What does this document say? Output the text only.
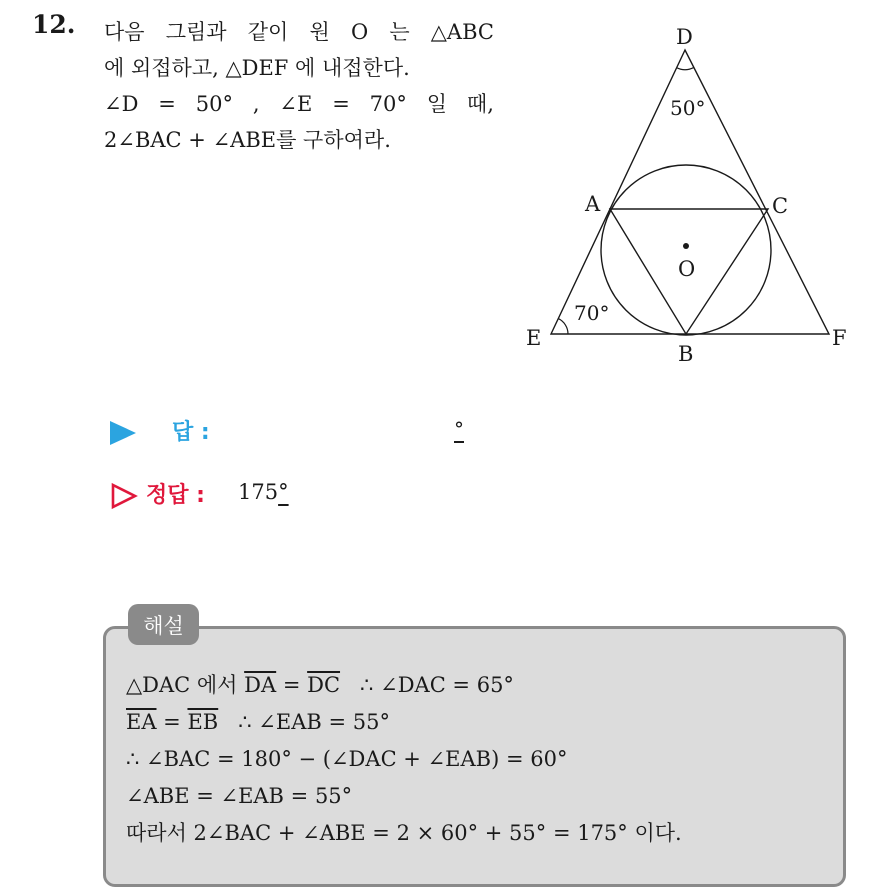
12. 다음 그림과 같이 원 O 는 △ABC
에 외접하고, △DEF 에 내접한다.
∠D = 50° , ∠E = 70° 일 때,
2∠BAC + ∠ABE를 구하여라.
D
50°
A	C
O
70°
E
B
F
답 :	°
정답 : 175°
해설
△DAC 에서 $\overline{DA} = \overline{DC}$   ∴ ∠DAC = 65°
$\overline{EA} = \overline{EB}$   ∴ ∠EAB = 55°
∴ ∠BAC = 180° − (∠DAC + ∠EAB) = 60°
∠ABE = ∠EAB = 55°
따라서 2∠BAC + ∠ABE = 2 × 60° + 55° = 175° 이다.
